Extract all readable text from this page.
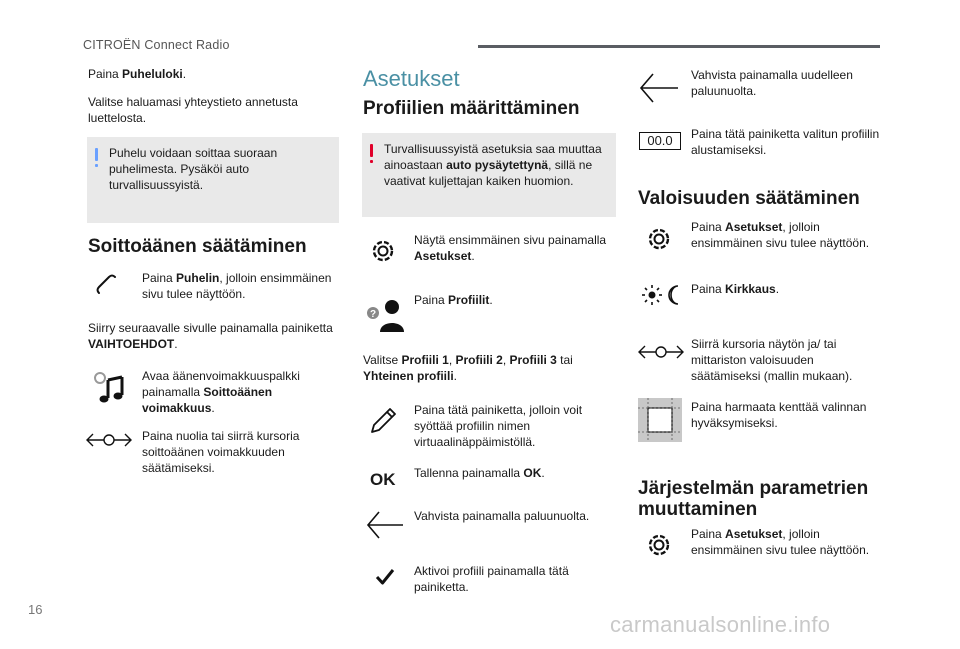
CITROËN Connect Radio
Paina Puheluloki.
Valitse haluamasi yhteystieto annetusta luettelosta.
Puhelu voidaan soittaa suoraan puhelimesta. Pysäköi auto turvallisuussyistä.
Soittoäänen säätäminen
Paina Puhelin, jolloin ensimmäinen sivu tulee näyttöön.
Siirry seuraavalle sivulle painamalla painiketta VAIHTOEHDOT.
Avaa äänenvoimakkuuspalkki painamalla Soittoäänen voimakkuus.
Paina nuolia tai siirrä kursoria soittoäänen voimakkuuden säätämiseksi.
Asetukset
Profiilien määrittäminen
Turvallisuussyistä asetuksia saa muuttaa ainoastaan auto pysäytettynä, sillä ne vaativat kuljettajan kaiken huomion.
Näytä ensimmäinen sivu painamalla Asetukset.
?
Paina Profiilit.
Valitse Profiili 1, Profiili 2, Profiili 3 tai Yhteinen profiili.
Paina tätä painiketta, jolloin voit syöttää profiilin nimen virtuaalinäppäimistöllä.
OK Tallenna painamalla OK.
Vahvista painamalla paluunuolta.
Aktivoi profiili painamalla tätä painiketta.
Vahvista painamalla uudelleen paluunuolta.
00.0	Paina tätä painiketta valitun profiilin alustamiseksi.
Valoisuuden säätäminen
Paina Asetukset, jolloin ensimmäinen sivu tulee näyttöön.
Paina Kirkkaus.
Siirrä kursoria näytön ja/ tai mittariston valoisuuden säätämiseksi (mallin mukaan).
Paina harmaata kenttää valinnan hyväksymiseksi.
Järjestelmän parametrien muuttaminen
Paina Asetukset, jolloin ensimmäinen sivu tulee näyttöön.
16
carmanualsonline.info
